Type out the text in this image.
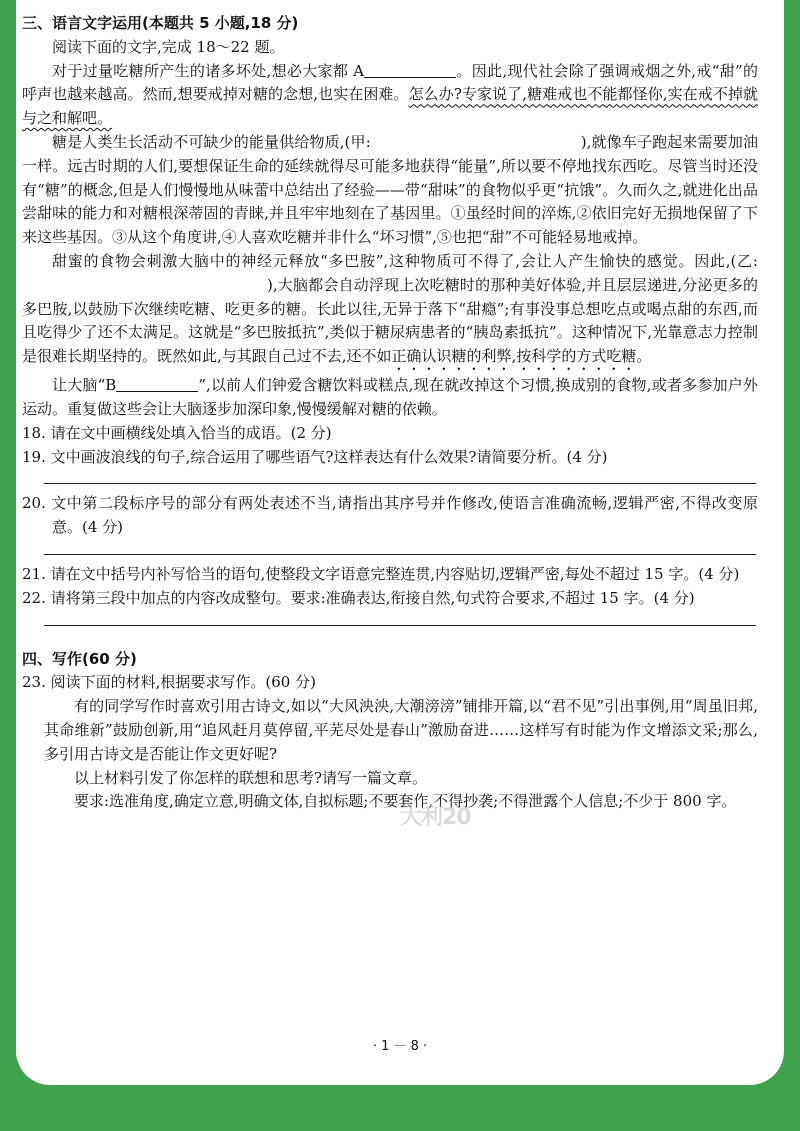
三、语言文字运用(本题共 5 小题,18 分)

阅读下面的文字,完成 18～22 题。

对于过量吃糖所产生的诸多坏处,想必大家都 A	。因此,现代社会除了强调戒烟之外,戒“甜”的呼声也越来越高。然而,想要戒掉对糖的念想,也实在困难。怎么办?专家说了,糖难戒也不能都怪你,实在戒不掉就与之和解吧。

糖是人类生长活动不可缺少的能量供给物质,(甲:	),就像车子跑起来需要加油一样。远古时期的人们,要想保证生命的延续就得尽可能多地获得“能量”,所以要不停地找东西吃。尽管当时还没有“糖”的概念,但是人们慢慢地从味蕾中总结出了经验——带“甜味”的食物似乎更“抗饿”。久而久之,就进化出品尝甜味的能力和对糖根深蒂固的青睐,并且牢牢地刻在了基因里。①虽经时间的淬炼,②依旧完好无损地保留了下来这些基因。③从这个角度讲,④人喜欢吃糖并非什么“坏习惯”,⑤也把“甜”不可能轻易地戒掉。

甜蜜的食物会刺激大脑中的神经元释放“多巴胺”,这种物质可不得了,会让人产生愉快的感觉。因此,(乙:),大脑都会自动浮现上次吃糖时的那种美好体验,并且层层递进,分泌更多的多巴胺,以鼓励下次继续吃糖、吃更多的糖。长此以往,无异于落下“甜瘾”;有事没事总想吃点或喝点甜的东西,而且吃得少了还不太满足。这就是“多巴胺抵抗”,类似于糖尿病患者的“胰岛素抵抗”。这种情况下,光靠意志力控制是很难长期坚持的。既然如此,与其跟自己过不去,还不如正确认识糖的利弊,按科学的方式吃糖。

让大脑“B	”,以前人们钟爱含糖饮料或糕点,现在就改掉这个习惯,换成别的食物,或者多参加户外运动。重复做这些会让大脑逐步加深印象,慢慢缓解对糖的依赖。

18. 请在文中画横线处填入恰当的成语。(2 分)

19. 文中画波浪线的句子,综合运用了哪些语气?这样表达有什么效果?请简要分析。(4 分)

20. 文中第二段标序号的部分有两处表述不当,请指出其序号并作修改,使语言准确流畅,逻辑严密,不得改变原意。(4 分)

21. 请在文中括号内补写恰当的语句,使整段文字语意完整连贯,内容贴切,逻辑严密,每处不超过 15 字。(4 分)

22. 请将第三段中加点的内容改成整句。要求:准确表达,衔接自然,句式符合要求,不超过 15 字。(4 分)

四、写作(60 分)

23. 阅读下面的材料,根据要求写作。(60 分)

有的同学写作时喜欢引用古诗文,如以“大风泱泱,大潮滂滂”铺排开篇,以“君不见”引出事例,用“周虽旧邦,其命维新”鼓励创新,用“追风赶月莫停留,平芜尽处是春山”激励奋进……这样写有时能为作文增添文采;那么,多引用古诗文是否能让作文更好呢?

以上材料引发了你怎样的联想和思考?请写一篇文章。

要求:选准角度,确定立意,明确文体,自拟标题;不要套作,不得抄袭;不得泄露个人信息;不少于 800 字。

大利20
· 1 － 8 ·
